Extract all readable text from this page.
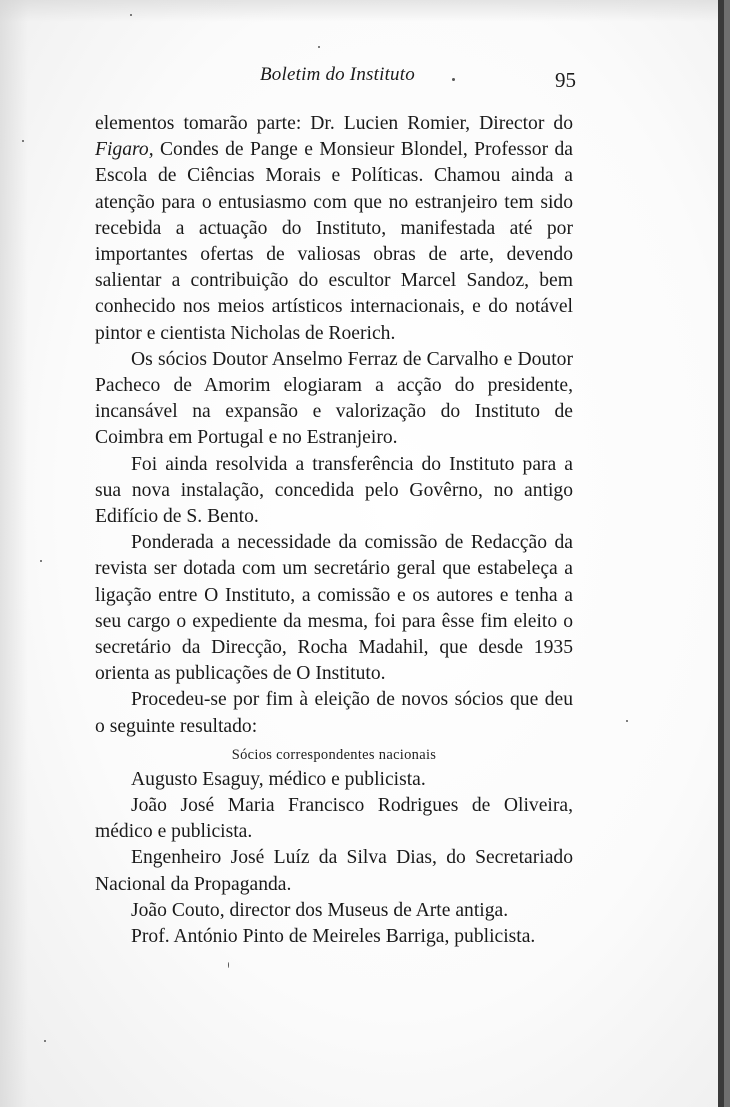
Boletim do Instituto	95

elementos tomarão parte: Dr. Lucien Romier, Director do Figaro, Condes de Pange e Monsieur Blondel, Professor da Escola de Ciências Morais e Políticas. Chamou ainda a atenção para o entusiasmo com que no estranjeiro tem sido recebida a actuação do Instituto, manifestada até por importantes ofertas de valiosas obras de arte, devendo salientar a contribuição do escultor Marcel Sandoz, bem conhecido nos meios artísticos internacionais, e do notável pintor e cientista Nicholas de Roerich.

Os sócios Doutor Anselmo Ferraz de Carvalho e Doutor Pacheco de Amorim elogiaram a acção do presidente, incansável na expansão e valorização do Instituto de Coimbra em Portugal e no Estranjeiro.

Foi ainda resolvida a transferência do Instituto para a sua nova instalação, concedida pelo Govêrno, no antigo Edifício de S. Bento.

Ponderada a necessidade da comissão de Redacção da revista ser dotada com um secretário geral que estabeleça a ligação entre O Instituto, a comissão e os autores e tenha a seu cargo o expediente da mesma, foi para êsse fim eleito o secretário da Direcção, Rocha Madahil, que desde 1935 orienta as publicações de O Instituto.

Procedeu-se por fim à eleição de novos sócios que deu o seguinte resultado:

Sócios correspondentes nacionais

Augusto Esaguy, médico e publicista.

João José Maria Francisco Rodrigues de Oliveira, médico e publicista.

Engenheiro José Luíz da Silva Dias, do Secretariado Nacional da Propaganda.

João Couto, director dos Museus de Arte antiga.

Prof. António Pinto de Meireles Barriga, publicista.
